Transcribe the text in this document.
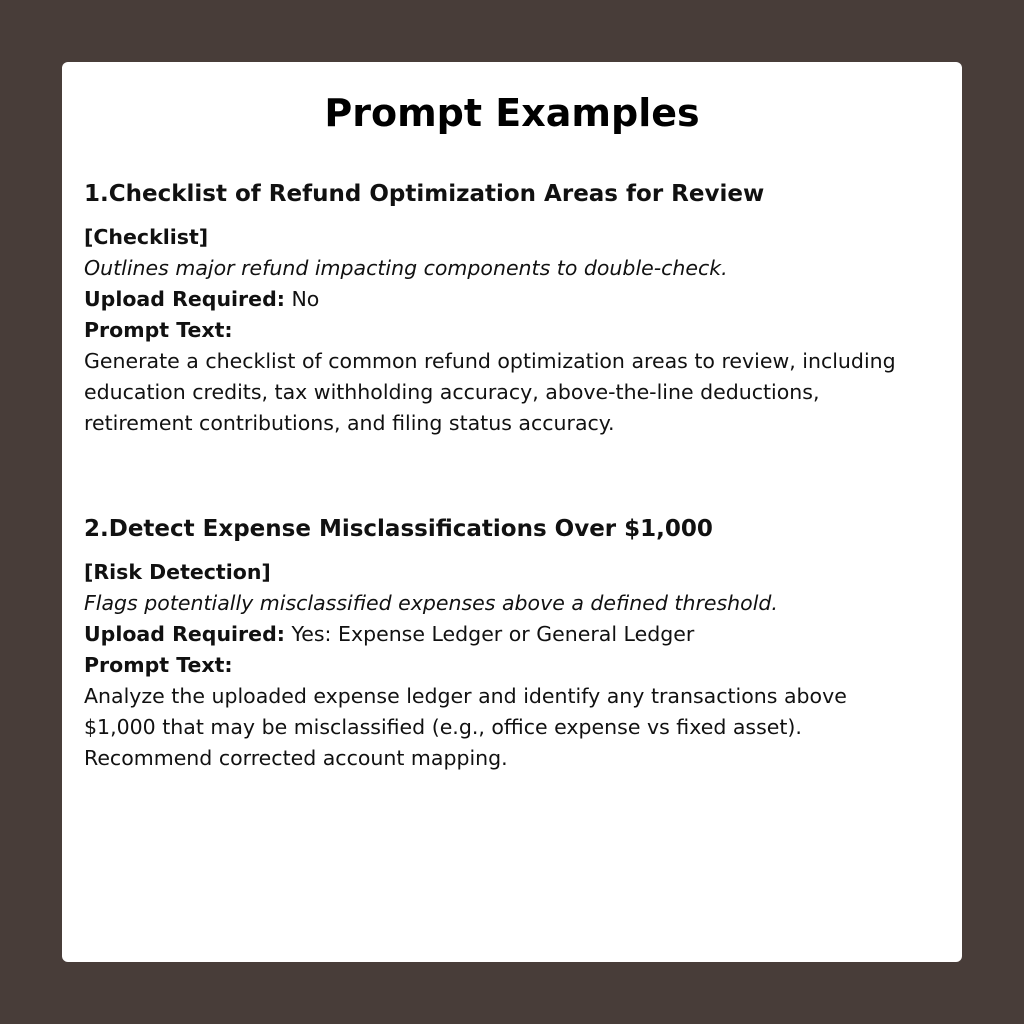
Prompt Examples
1.Checklist of Refund Optimization Areas for Review

[Checklist]

Outlines major refund impacting components to double-check.

Upload Required: No

Prompt Text:

Generate a checklist of common refund optimization areas to review, including

education credits, tax withholding accuracy, above-the-line deductions,

retirement contributions, and filing status accuracy.

2.Detect Expense Misclassifications Over $1,000

[Risk Detection]

Flags potentially misclassified expenses above a defined threshold.

Upload Required: Yes: Expense Ledger or General Ledger

Prompt Text:

Analyze the uploaded expense ledger and identify any transactions above

$1,000 that may be misclassified (e.g., office expense vs fixed asset).

Recommend corrected account mapping.
